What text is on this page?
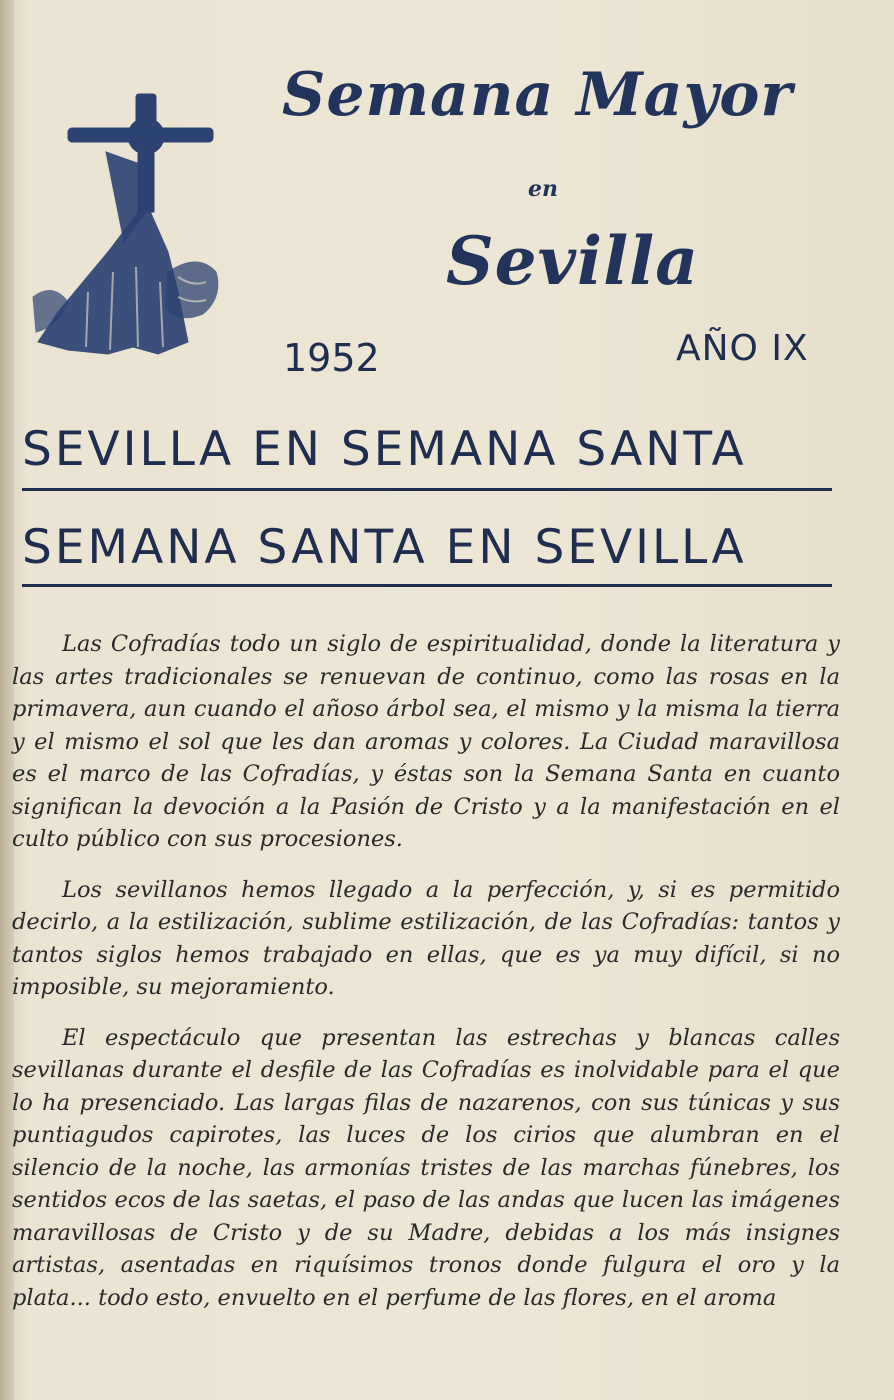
Semana Mayor
en
Sevilla
1952	AÑO IX
SEVILLA EN SEMANA SANTA
SEMANA SANTA EN SEVILLA

Las Cofradías todo un siglo de espiritualidad, donde la literatura y las artes tradicionales se renuevan de continuo, como las rosas en la primavera, aun cuando el añoso árbol sea, el mismo y la misma la tierra y el mismo el sol que les dan aromas y colores. La Ciudad maravillosa es el marco de las Cofradías, y éstas son la Semana Santa en cuanto significan la devoción a la Pasión de Cristo y a la manifestación en el culto público con sus procesiones.

Los sevillanos hemos llegado a la perfección, y, si es permitido decirlo, a la estilización, sublime estilización, de las Cofradías: tantos y tantos siglos hemos trabajado en ellas, que es ya muy difícil, si no imposible, su mejoramiento.

El espectáculo que presentan las estrechas y blancas calles sevillanas durante el desfile de las Cofradías es inolvidable para el que lo ha presenciado. Las largas filas de nazarenos, con sus túnicas y sus puntiagudos capirotes, las luces de los cirios que alumbran en el silencio de la noche, las armonías tristes de las marchas fúnebres, los sentidos ecos de las saetas, el paso de las andas que lucen las imágenes maravillosas de Cristo y de su Madre, debidas a los más insignes artistas, asentadas en riquísimos tronos donde fulgura el oro y la plata... todo esto, envuelto en el perfume de las flores, en el aroma
